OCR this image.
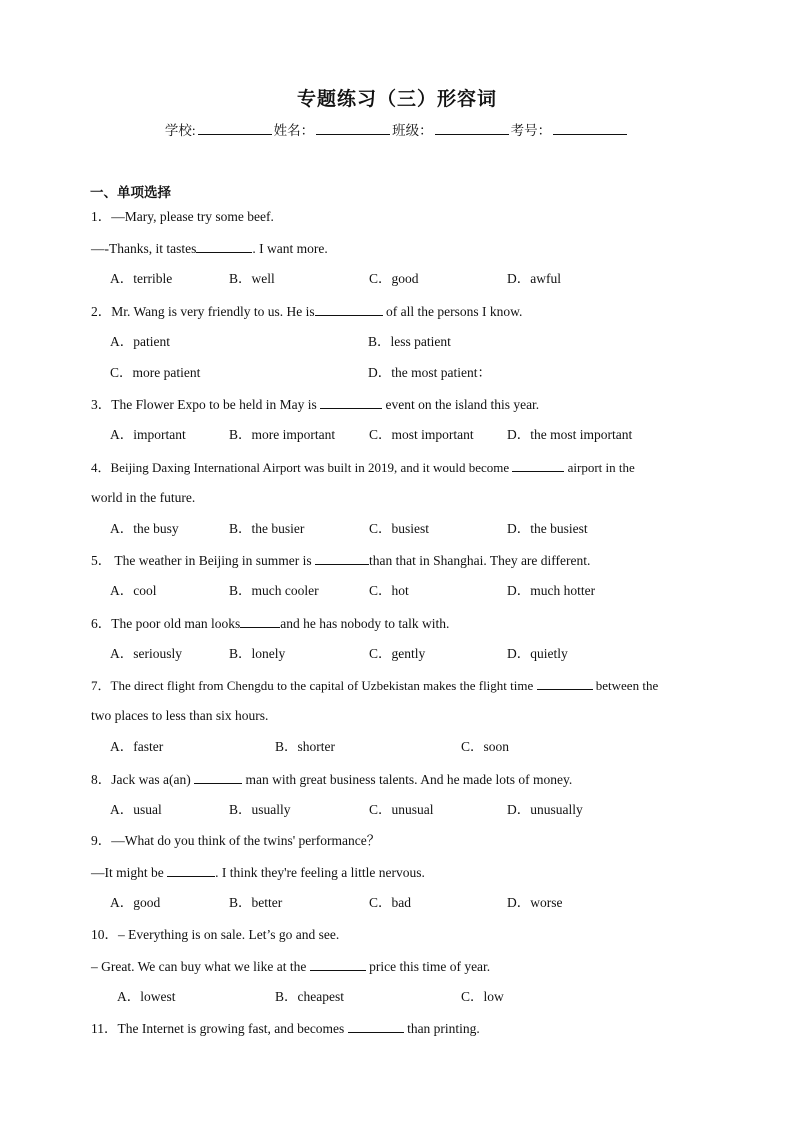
专题练习（三）形容词
学校:	姓名：	班级：	考号：
一、单项选择
1．—Mary, please try some beef.
—-Thanks, it tastes	. I want more.
A．terrible	B．well	C．good	D．awful
2．Mr. Wang is very friendly to us. He is	of all the persons I know.
A．patient	B．less patient
C．more patient	D．the most patient：
3．The Flower Expo to be held in May is	event on the island this year.
A．important	B．more important	C．most important D．the most important
4．Beijing Daxing International Airport was built in 2019, and it would become	airport in the
world in the future.
A．the busy	B．the busier	C．busiest	D．the busiest
5． The weather in Beijing in summer is	than that in Shanghai. They are different.
A．cool	B．much cooler	C．hot	D．much hotter
6．The poor old man looks	and he has nobody to talk with.
A．seriously	B．lonely	C．gently	D．quietly
7．The direct flight from Chengdu to the capital of Uzbekistan makes the flight time	between the
two places to less than six hours.
A．faster	B．shorter	C．soon
8．Jack was a(an)	man with great business talents. And he made lots of money.
A．usual	B．usually	C．unusual	D．unusually
9．—What do you think of the twins' performance？
—It might be	. I think they're feeling a little nervous.
A．good	B．better	C．bad	D．worse
10．– Everything is on sale. Let’s go and see.
– Great. We can buy what we like at the	price this time of year.
A．lowest	B．cheapest	C．low
11．The Internet is growing fast, and becomes	than printing.
